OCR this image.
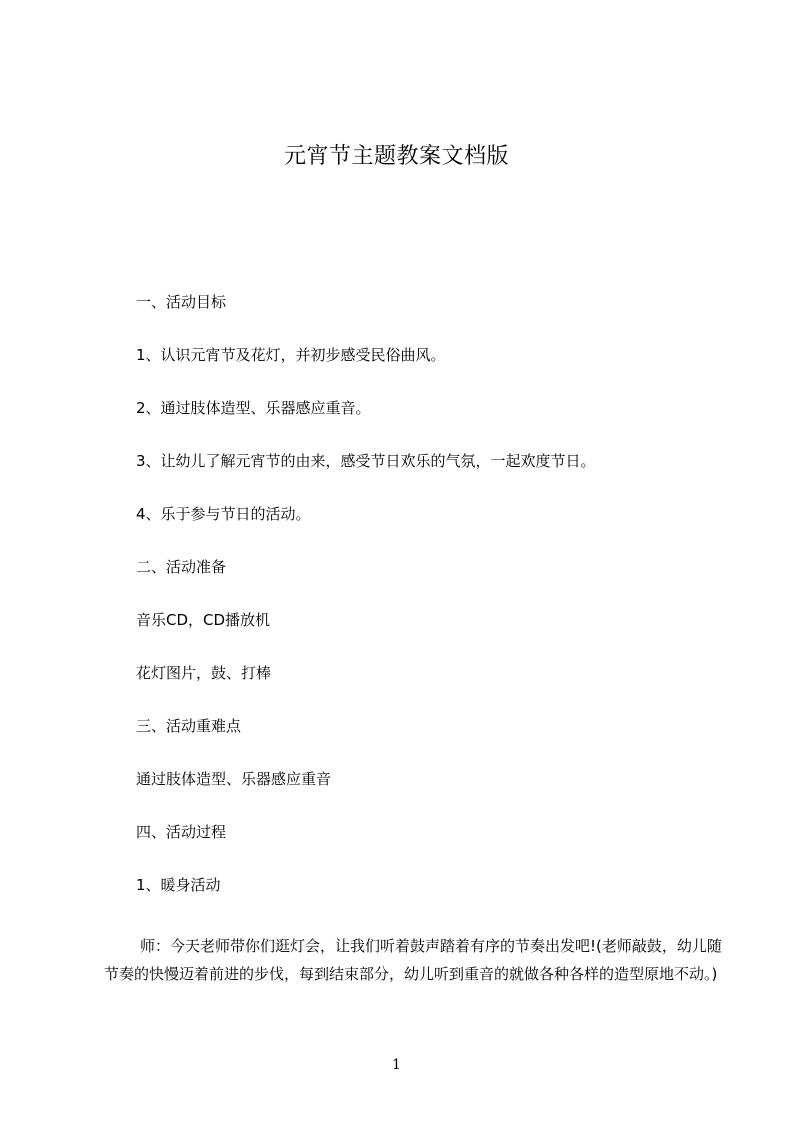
元宵节主题教案文档版
一、活动目标
1、认识元宵节及花灯，并初步感受民俗曲风。
2、通过肢体造型、乐器感应重音。
3、让幼儿了解元宵节的由来，感受节日欢乐的气氛，一起欢度节日。
4、乐于参与节日的活动。
二、活动准备
音乐CD，CD播放机
花灯图片，鼓、打棒
三、活动重难点
通过肢体造型、乐器感应重音
四、活动过程
1、暖身活动
师：今天老师带你们逛灯会，让我们听着鼓声踏着有序的节奏出发吧!(老师敲鼓，幼儿随节奏的快慢迈着前进的步伐，每到结束部分，幼儿听到重音的就做各种各样的造型原地不动。)
1
